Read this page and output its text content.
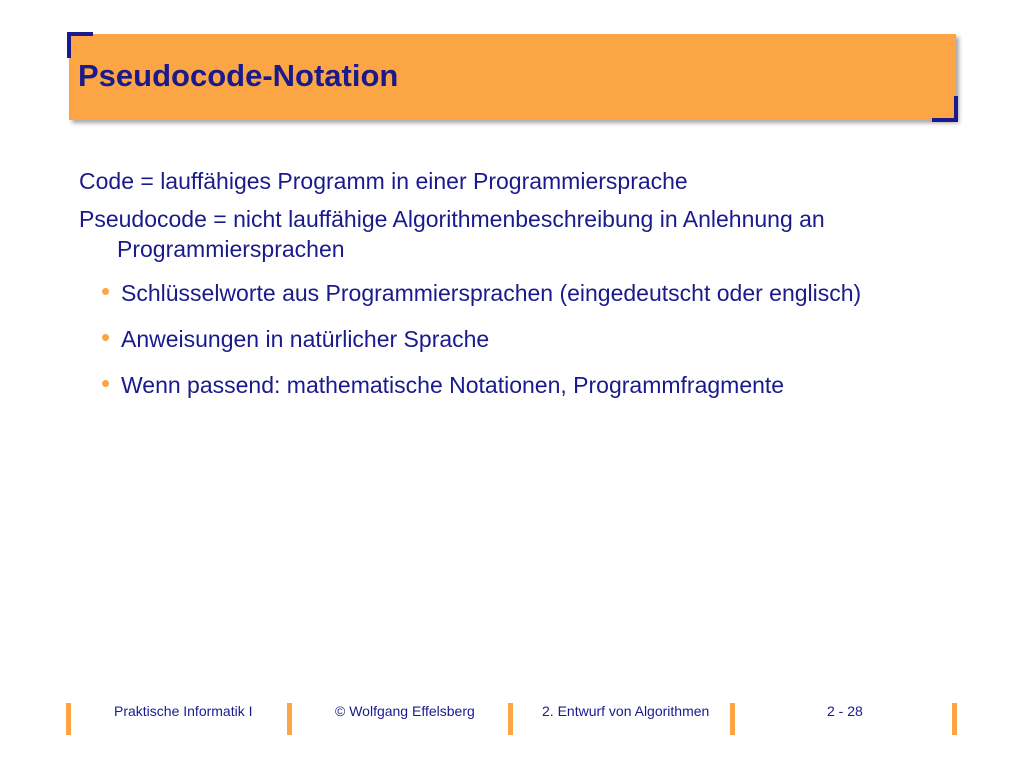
Pseudocode-Notation

Code = lauffähiges Programm in einer Programmiersprache

Pseudocode = nicht lauffähige Algorithmenbeschreibung in Anlehnung an Programmiersprachen

• Schlüsselworte aus Programmiersprachen (eingedeutscht oder englisch)
• Anweisungen in natürlicher Sprache
• Wenn passend: mathematische Notationen, Programmfragmente
Praktische Informatik I	© Wolfgang Effelsberg	2. Entwurf von Algorithmen	2 - 28
